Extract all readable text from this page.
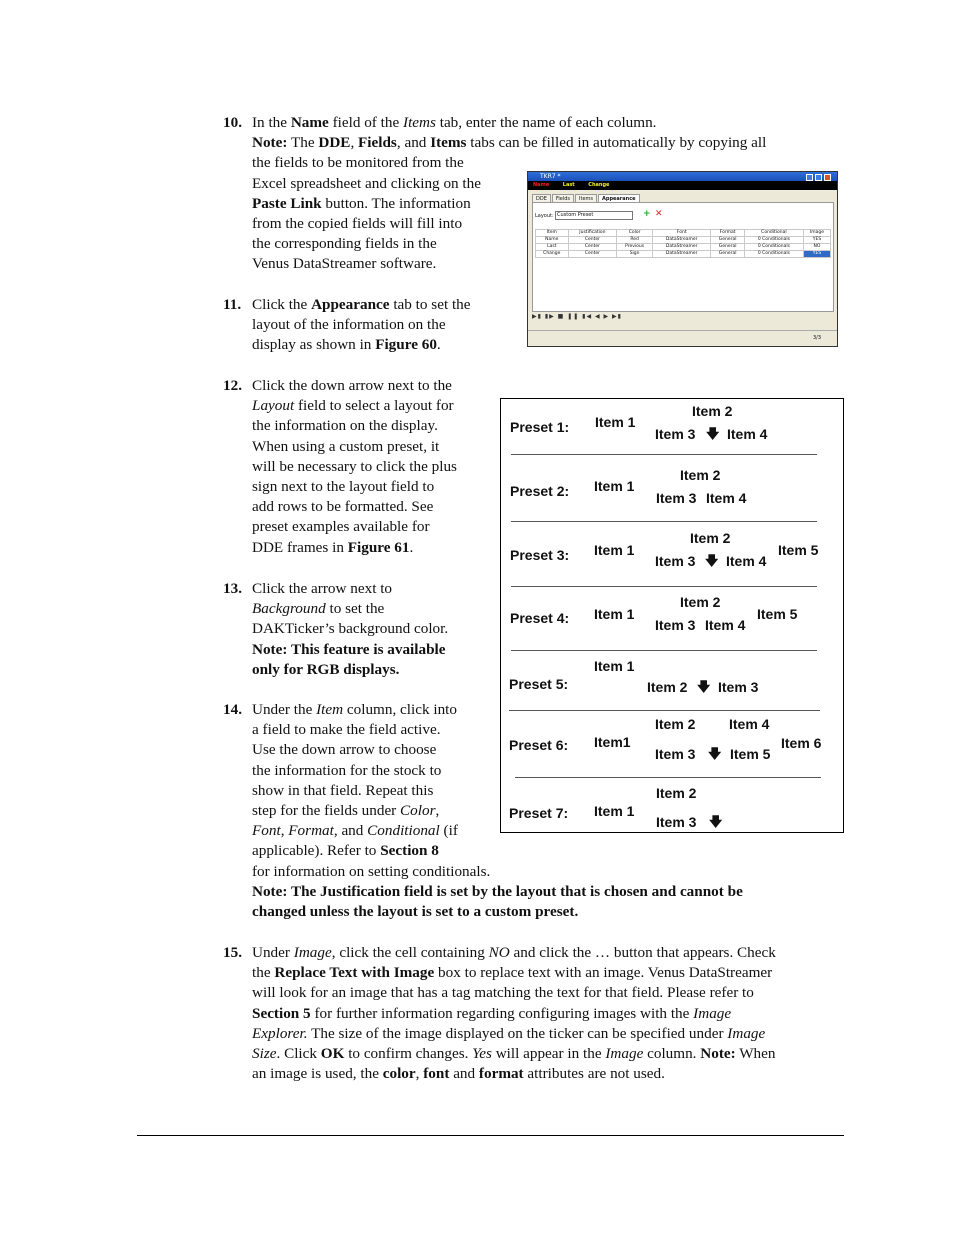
10. In the Name field of the Items tab, enter the name of each column.
Note: The DDE, Fields, and Items tabs can be filled in automatically by copying all
the fields to be monitored from the
Excel spreadsheet and clicking on the
Paste Link button. The information
from the copied fields will fill into
the corresponding fields in the
Venus DataStreamer software.
TKR7 *
Name	Last	Change
DDE	Fields	Items	Appearance
Layout: Custom Preset	+ ✕
Item	Justification	Color	Font	Format	Conditional	Image
Name	Center	Red	DataStreamer	General	0 Conditionals	YES
Last	Center	Previous	DataStreamer	General	0 Conditionals	NO
Change	Center	Sign	DataStreamer	General	0 Conditionals	YES
▶▮ ▮▶ ■ ❚❚ ▮◀ ◀ ▶ ▶▮
3/3
11. Click the Appearance tab to set the
layout of the information on the
display as shown in Figure 60.
12. Click the down arrow next to the
Layout field to select a layout for
the information on the display.
When using a custom preset, it
will be necessary to click the plus
sign next to the layout field to
add rows to be formatted. See
preset examples available for
DDE frames in Figure 61.
13. Click the arrow next to
Background to set the
DAKTicker’s background color.
Note: This feature is available
only for RGB displays.
14. Under the Item column, click into
a field to make the field active.
Use the down arrow to choose
the information for the stock to
show in that field. Repeat this
step for the fields under Color,
Font, Format, and Conditional (if
applicable). Refer to Section 8
for information on setting conditionals.
Note: The Justification field is set by the layout that is chosen and cannot be
changed unless the layout is set to a custom preset.
Preset 1: Item 1
Item 2
Item 3 🡇 Item 4
Preset 2: Item 1
Item 2
Item 3 Item 4
Preset 3: Item 1
Item 2
Item 3 🡇 Item 4
Item 5
Preset 4: Item 1
Item 2
Item 3 Item 4
Item 5
Preset 5:
Item 1
Item 2 🡇 Item 3
Preset 6: Item1
Item 2 Item 4
Item 3 🡇 Item 5
Item 6
Preset 7: Item 1
Item 2
Item 3 🡇
15. Under Image, click the cell containing NO and click the … button that appears. Check
the Replace Text with Image box to replace text with an image. Venus DataStreamer
will look for an image that has a tag matching the text for that field. Please refer to
Section 5 for further information regarding configuring images with the Image
Explorer. The size of the image displayed on the ticker can be specified under Image
Size. Click OK to confirm changes. Yes will appear in the Image column. Note: When
an image is used, the color, font and format attributes are not used.
